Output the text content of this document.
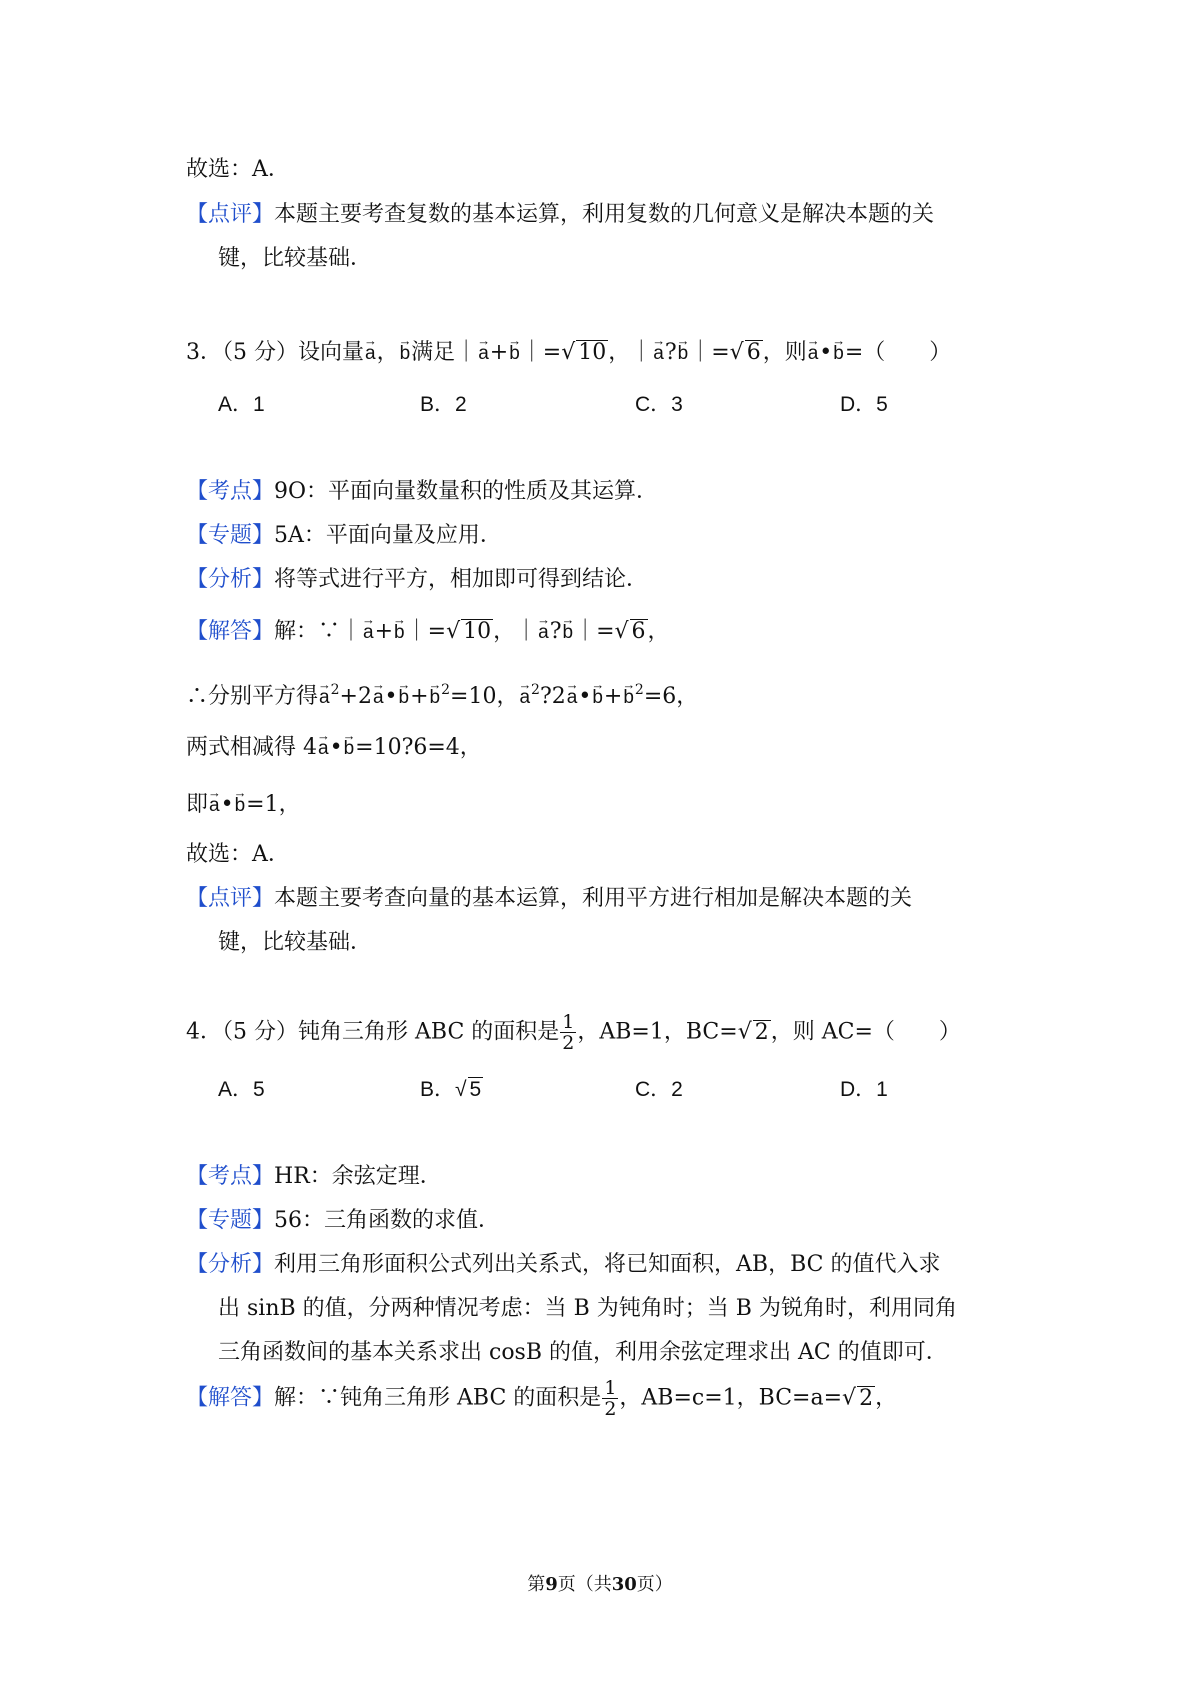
故选：A．
【点评】本题主要考查复数的基本运算，利用复数的几何意义是解决本题的关
键，比较基础．
3．（5 分）设向量→ a，→ b满足｜→ a+→ b｜=√ 10，｜→ a?→ b｜=√ 6，则→ a•→ b=（　　）
A．1	B．2	C．3	D．5
【考点】9O：平面向量数量积的性质及其运算．
【专题】5A：平面向量及应用．
【分析】将等式进行平方，相加即可得到结论．
【解答】解：∵｜→ a+→ b｜=√ 10，｜→ a?→ b｜=√ 6，
∴分别平方得→ $a^2+2\to$ a•→ $b+\to b^2=10$，→ $a^2?2\to$ a•→ $b+\to b^2=6$，
两式相减得 4→ a•→ b=10?6=4，
即→ a•→ b=1，
故选：A．
【点评】本题主要考查向量的基本运算，利用平方进行相加是解决本题的关
键，比较基础．
4．（5 分）钝角三角形 ABC 的面积是 $\frac{1}{2}$ ，AB=1，BC=√ 2，则 AC=（　　）
A．5	B．√ 5	C．2	D．1
【考点】HR：余弦定理．
【专题】56：三角函数的求值．
【分析】利用三角形面积公式列出关系式，将已知面积，AB，BC 的值代入求
出 sinB 的值，分两种情况考虑：当 B 为钝角时；当 B 为锐角时，利用同角
三角函数间的基本关系求出 cosB 的值，利用余弦定理求出 AC 的值即可．
【解答】解：∵钝角三角形 ABC 的面积是 $\frac{1}{2}$ ，AB=c=1，BC=a=√ 2，
第9页（共30页）
